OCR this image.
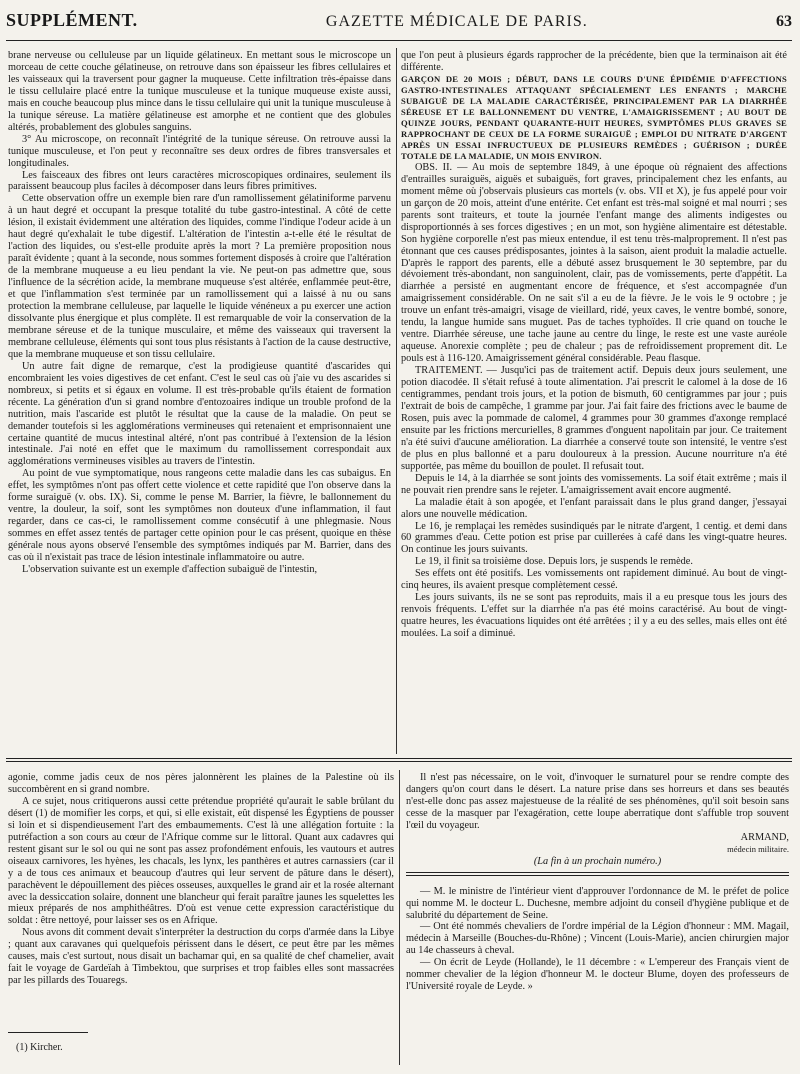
SUPPLÉMENT.	GAZETTE MÉDICALE DE PARIS.	63

brane nerveuse ou celluleuse par un liquide gélatineux. En mettant sous le microscope un morceau de cette couche gélatineuse, on retrouve dans son épaisseur les fibres cellulaires et les vaisseaux qui la traversent pour gagner la muqueuse. Cette infiltration très-épaisse dans le tissu cellulaire placé entre la tunique musculeuse et la tunique muqueuse existe aussi, mais en couche beaucoup plus mince dans le tissu cellulaire qui unit la tunique musculeuse à la tunique séreuse. La matière gélatineuse est amorphe et ne contient que des globules altérés, probablement des globules sanguins.

3° Au microscope, on reconnaît l'intégrité de la tunique séreuse. On retrouve aussi la tunique musculeuse, et l'on peut y reconnaître ses deux ordres de fibres transversales et longitudinales.

Les faisceaux des fibres ont leurs caractères microscopiques ordinaires, seulement ils paraissent beaucoup plus faciles à décomposer dans leurs fibres primitives.

Cette observation offre un exemple bien rare d'un ramollissement gélatiniforme parvenu à un haut degré et occupant la presque totalité du tube gastro-intestinal. A côté de cette lésion, il existait évidemment une altération des liquides, comme l'indique l'odeur acide à un haut degré qu'exhalait le tube digestif. L'altération de l'intestin a-t-elle été le résultat de l'action des liquides, ou s'est-elle produite après la mort ? La première proposition nous paraît évidente ; quant à la seconde, nous sommes fortement disposés à croire que l'altération de la membrane muqueuse a eu lieu pendant la vie. Ne peut-on pas admettre que, sous l'influence de la sécrétion acide, la membrane muqueuse s'est altérée, enflammée peut-être, et que l'inflammation s'est terminée par un ramollissement qui a laissé à nu ou sans protection la membrane celluleuse, par laquelle le liquide vénéneux a pu exercer une action dissolvante plus énergique et plus complète. Il est remarquable de voir la conservation de la membrane séreuse et de la tunique musculaire, et même des vaisseaux qui traversent la membrane celluleuse, éléments qui sont tous plus résistants à l'action de la cause destructive, que la membrane muqueuse et son tissu cellulaire.

Un autre fait digne de remarque, c'est la prodigieuse quantité d'ascarides qui encombraient les voies digestives de cet enfant. C'est le seul cas où j'aie vu des ascarides si nombreux, si petits et si égaux en volume. Il est très-probable qu'ils étaient de formation récente. La génération d'un si grand nombre d'entozoaires indique un trouble profond de la nutrition, mais l'ascaride est plutôt le résultat que la cause de la maladie. On peut se demander toutefois si les agglomérations vermineuses qui retenaient et emprisonnaient une certaine quantité de mucus intestinal altéré, n'ont pas contribué à l'extension de la lésion intestinale. J'ai noté en effet que le maximum du ramollissement correspondait aux agglomérations vermineuses visibles au travers de l'intestin.

Au point de vue symptomatique, nous rangeons cette maladie dans les cas subaigus. En effet, les symptômes n'ont pas offert cette violence et cette rapidité que l'on observe dans la forme suraiguë (v. obs. IX). Si, comme le pense M. Barrier, la fièvre, le ballonnement du ventre, la douleur, la soif, sont les symptômes non douteux d'une inflammation, il faut regarder, dans ce cas-ci, le ramollissement comme consécutif à une phlegmasie. Nous sommes en effet assez tentés de partager cette opinion pour le cas présent, quoique en thèse générale nous ayons observé l'ensemble des symptômes indiqués par M. Barrier, dans des cas où il n'existait pas trace de lésion intestinale inflammatoire ou autre.

L'observation suivante est un exemple d'affection subaiguë de l'intestin,

que l'on peut à plusieurs égards rapprocher de la précédente, bien que la terminaison ait été différente.

GARÇON DE 20 MOIS ; DÉBUT, DANS LE COURS D'UNE ÉPIDÉMIE D'AFFECTIONS GASTRO-INTESTINALES ATTAQUANT SPÉCIALEMENT LES ENFANTS ; MARCHE SUBAIGUË DE LA MALADIE CARACTÉRISÉE, PRINCIPALEMENT PAR LA DIARRHÉE SÉREUSE ET LE BALLONNEMENT DU VENTRE, L'AMAIGRISSEMENT ; AU BOUT DE QUINZE JOURS, PENDANT QUARANTE-HUIT HEURES, SYMPTÔMES PLUS GRAVES SE RAPPROCHANT DE CEUX DE LA FORME SURAIGUË ; EMPLOI DU NITRATE D'ARGENT APRÈS UN ESSAI INFRUCTUEUX DE PLUSIEURS REMÈDES ; GUÉRISON ; DURÉE TOTALE DE LA MALADIE, UN MOIS ENVIRON.

OBS. II. — Au mois de septembre 1849, à une époque où régnaient des affections d'entrailles suraiguës, aiguës et subaiguës, fort graves, principalement chez les enfants, au moment même où j'observais plusieurs cas mortels (v. obs. VII et X), je fus appelé pour voir un garçon de 20 mois, atteint d'une entérite. Cet enfant est très-mal soigné et mal nourri ; ses parents sont traiteurs, et toute la journée l'enfant mange des aliments indigestes ou disproportionnés à ses forces digestives ; en un mot, son hygiène alimentaire est détestable. Son hygiène corporelle n'est pas mieux entendue, il est tenu très-malproprement. Il n'est pas étonnant que ces causes prédisposantes, jointes à la saison, aient produit la maladie actuelle. D'après le rapport des parents, elle a débuté assez brusquement le 30 septembre, par du dévoiement très-abondant, non sanguinolent, clair, pas de vomissements, perte d'appétit. La diarrhée a persisté en augmentant encore de fréquence, et s'est accompagnée d'un amaigrissement considérable. On ne sait s'il a eu de la fièvre. Je le vois le 9 octobre ; je trouve un enfant très-amaigri, visage de vieillard, ridé, yeux caves, le ventre bombé, sonore, tendu, la langue humide sans muguet. Pas de taches typhoïdes. Il crie quand on touche le ventre. Diarrhée séreuse, une tache jaune au centre du linge, le reste est une vaste auréole aqueuse. Anorexie complète ; peu de chaleur ; pas de refroidissement proprement dit. Le pouls est à 116-120. Amaigrissement général considérable. Peau flasque.

TRAITEMENT. — Jusqu'ici pas de traitement actif. Depuis deux jours seulement, une potion diacodée. Il s'était refusé à toute alimentation. J'ai prescrit le calomel à la dose de 16 centigrammes, pendant trois jours, et la potion de bismuth, 60 centigrammes par jour ; puis l'extrait de bois de campêche, 1 gramme par jour. J'ai fait faire des frictions avec le baume de Rosen, puis avec la pommade de calomel, 4 grammes pour 30 grammes d'axonge remplacé ensuite par les frictions mercurielles, 8 grammes d'onguent napolitain par jour. Ce traitement n'a été suivi d'aucune amélioration. La diarrhée a conservé toute son intensité, le ventre s'est de plus en plus ballonné et a paru douloureux à la pression. Aucune nourriture n'a été supportée, pas même du bouillon de poulet. Il refusait tout.

Depuis le 14, à la diarrhée se sont joints des vomissements. La soif était extrême ; mais il ne pouvait rien prendre sans le rejeter. L'amaigrissement avait encore augmenté.

La maladie était à son apogée, et l'enfant paraissait dans le plus grand danger, j'essayai alors une nouvelle médication.

Le 16, je remplaçai les remèdes susindiqués par le nitrate d'argent, 1 centig. et demi dans 60 grammes d'eau. Cette potion est prise par cuillerées à café dans les vingt-quatre heures. On continue les jours suivants.

Le 19, il finit sa troisième dose. Depuis lors, je suspends le remède.

Ses effets ont été positifs. Les vomissements ont rapidement diminué. Au bout de vingt-cinq heures, ils avaient presque complètement cessé.

Les jours suivants, ils ne se sont pas reproduits, mais il a eu presque tous les jours des renvois fréquents. L'effet sur la diarrhée n'a pas été moins caractérisé. Au bout de vingt-quatre heures, les évacuations liquides ont été arrêtées ; il y a eu des selles, mais elles ont été moulées. La soif a diminué.

agonie, comme jadis ceux de nos pères jalonnèrent les plaines de la Palestine où ils succombèrent en si grand nombre.

A ce sujet, nous critiquerons aussi cette prétendue propriété qu'aurait le sable brûlant du désert (1) de momifier les corps, et qui, si elle existait, eût dispensé les Égyptiens de pousser si loin et si dispendieusement l'art des embaumements. C'est là une allégation fortuite : la putréfaction a son cours au cœur de l'Afrique comme sur le littoral. Quant aux cadavres qui restent gisant sur le sol ou qui ne sont pas assez profondément enfouis, les vautours et autres oiseaux carnivores, les hyènes, les chacals, les lynx, les panthères et autres carnassiers (car il y a de tous ces animaux et beaucoup d'autres qui leur servent de pâture dans le désert), parachèvent le dépouillement des pièces osseuses, auxquelles le grand air et la rosée alternant avec la dessiccation solaire, donnent une blancheur qui ferait paraître jaunes les squelettes les mieux préparés de nos amphithéâtres. D'où est venue cette expression caractéristique du soldat : être nettoyé, pour laisser ses os en Afrique.

Nous avons dit comment devait s'interpréter la destruction du corps d'armée dans la Libye ; quant aux caravanes qui quelquefois périssent dans le désert, ce peut être par les mêmes causes, mais c'est surtout, nous disait un bachamar qui, en sa qualité de chef chamelier, avait fait le voyage de Gardeïah à Timbektou, que surprises et trop faibles elles sont massacrées par les pillards des Touaregs.

(1) Kircher.

Il n'est pas nécessaire, on le voit, d'invoquer le surnaturel pour se rendre compte des dangers qu'on court dans le désert. La nature prise dans ses horreurs et dans ses beautés n'est-elle donc pas assez majestueuse de la réalité de ses phénomènes, qu'il soit besoin sans cesse de la masquer par l'exagération, cette loupe aberratique dont s'affuble trop souvent l'œil du voyageur.

ARMAND,

médecin militaire.

(La fin à un prochain numéro.)

— M. le ministre de l'intérieur vient d'approuver l'ordonnance de M. le préfet de police qui nomme M. le docteur L. Duchesne, membre adjoint du conseil d'hygiène publique et de salubrité du département de Seine.

— Ont été nommés chevaliers de l'ordre impérial de la Légion d'honneur : MM. Magail, médecin à Marseille (Bouches-du-Rhône) ; Vincent (Louis-Marie), ancien chirurgien major au 14e chasseurs à cheval.

— On écrit de Leyde (Hollande), le 11 décembre : « L'empereur des Français vient de nommer chevalier de la légion d'honneur M. le docteur Blume, doyen des professeurs de l'Université royale de Leyde. »
